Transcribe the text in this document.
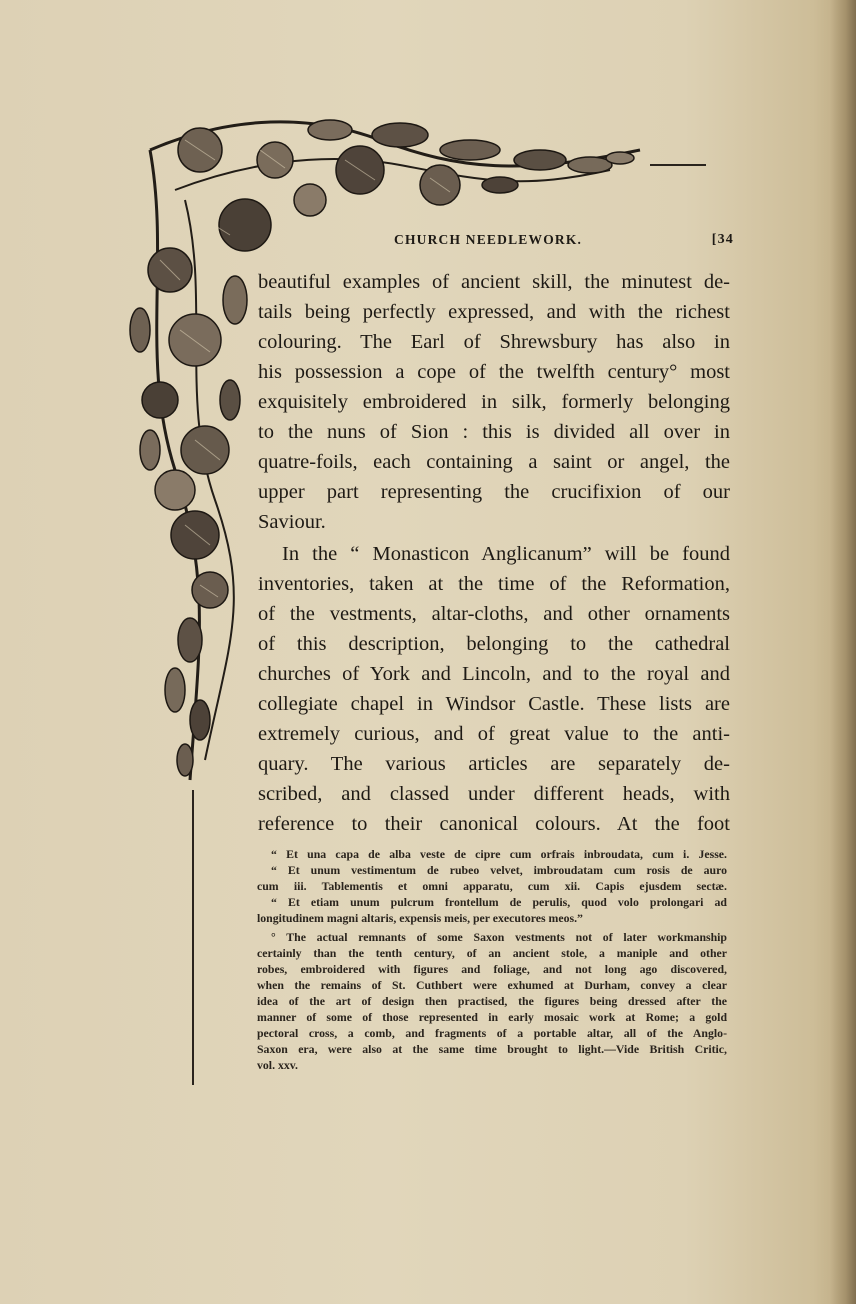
CHURCH NEEDLEWORK.	[34
beautiful examples of ancient skill, the minutest de-
tails being perfectly expressed, and with the richest
colouring. The Earl of Shrewsbury has also in
his possession a cope of the twelfth century° most
exquisitely embroidered in silk, formerly belonging
to the nuns of Sion : this is divided all over in
quatre-foils, each containing a saint or angel, the
upper part representing the crucifixion of our
Saviour.
In the “ Monasticon Anglicanum” will be found
inventories, taken at the time of the Reformation,
of the vestments, altar-cloths, and other ornaments
of this description, belonging to the cathedral
churches of York and Lincoln, and to the royal and
collegiate chapel in Windsor Castle. These lists are
extremely curious, and of great value to the anti-
quary. The various articles are separately de-
scribed, and classed under different heads, with
reference to their canonical colours. At the foot
“ Et una capa de alba veste de cipre cum orfrais inbroudata, cum i. Jesse.
“ Et unum vestimentum de rubeo velvet, imbroudatam cum rosis de auro
cum iii. Tablementis et omni apparatu, cum xii. Capis ejusdem sectæ.
“ Et etiam unum pulcrum frontellum de perulis, quod volo prolongari ad
longitudinem magni altaris, expensis meis, per executores meos.”
° The actual remnants of some Saxon vestments not of later workmanship
certainly than the tenth century, of an ancient stole, a maniple and other
robes, embroidered with figures and foliage, and not long ago discovered,
when the remains of St. Cuthbert were exhumed at Durham, convey a clear
idea of the art of design then practised, the figures being dressed after the
manner of some of those represented in early mosaic work at Rome; a gold
pectoral cross, a comb, and fragments of a portable altar, all of the Anglo-
Saxon era, were also at the same time brought to light.—Vide British Critic,
vol. xxv.
